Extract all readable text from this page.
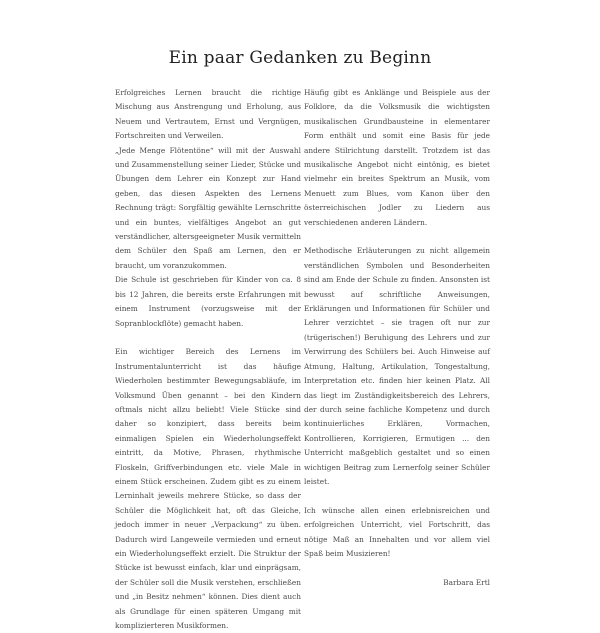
Ein paar Gedanken zu Beginn

Erfolgreiches Lernen braucht die richtige Mischung aus Anstrengung und Erholung, aus Neuem und Vertrautem, Ernst und Vergnügen, Fortschreiten und Verweilen.

„Jede Menge Flötentöne“ will mit der Auswahl und Zusammenstellung seiner Lieder, Stücke und Übungen dem Lehrer ein Konzept zur Hand geben, das diesen Aspekten des Lernens Rechnung trägt: Sorgfältig gewählte Lernschritte und ein buntes, vielfältiges Angebot an gut verständlicher, altersgeeigneter Musik vermitteln dem Schüler den Spaß am Lernen, den er braucht, um voranzukommen.

Die Schule ist geschrieben für Kinder von ca. 8 bis 12 Jahren, die bereits erste Erfahrungen mit einem Instrument (vorzugsweise mit der Sopranblockflöte) gemacht haben.

Ein wichtiger Bereich des Lernens im Instrumentalunterricht ist das häufige Wiederholen bestimmter Bewegungsabläufe, im Volksmund Üben genannt – bei den Kindern oftmals nicht allzu beliebt! Viele Stücke sind daher so konzipiert, dass bereits beim einmaligen Spielen ein Wiederholungseffekt eintritt, da Motive, Phrasen, rhythmische Floskeln, Griffverbindungen etc. viele Male in einem Stück erscheinen. Zudem gibt es zu einem Lerninhalt jeweils mehrere Stücke, so dass der Schüler die Möglichkeit hat, oft das Gleiche, jedoch immer in neuer „Verpackung“ zu üben. Dadurch wird Langeweile vermieden und erneut ein Wiederholungseffekt erzielt. Die Struktur der Stücke ist bewusst einfach, klar und einprägsam, der Schüler soll die Musik verstehen, erschließen und „in Besitz nehmen“ können. Dies dient auch als Grundlage für einen späteren Umgang mit komplizierteren Musikformen.

Häufig gibt es Anklänge und Beispiele aus der Folklore, da die Volksmusik die wichtigsten musikalischen Grundbausteine in elementarer Form enthält und somit eine Basis für jede andere Stilrichtung darstellt. Trotzdem ist das musikalische Angebot nicht eintönig, es bietet vielmehr ein breites Spektrum an Musik, vom Menuett zum Blues, vom Kanon über den österreichischen Jodler zu Liedern aus verschiedenen anderen Ländern.

Methodische Erläuterungen zu nicht allgemein verständlichen Symbolen und Besonderheiten sind am Ende der Schule zu finden. Ansonsten ist bewusst auf schriftliche Anweisungen, Erklärungen und Informationen für Schüler und Lehrer verzichtet – sie tragen oft nur zur (trügerischen!) Beruhigung des Lehrers und zur Verwirrung des Schülers bei. Auch Hinweise auf Atmung, Haltung, Artikulation, Tongestaltung, Interpretation etc. finden hier keinen Platz. All das liegt im Zuständigkeitsbereich des Lehrers, der durch seine fachliche Kompetenz und durch kontinuierliches Erklären, Vormachen, Kontrollieren, Korrigieren, Ermutigen ... den Unterricht maßgeblich gestaltet und so einen wichtigen Beitrag zum Lernerfolg seiner Schüler leistet.

Ich wünsche allen einen erlebnisreichen und erfolgreichen Unterricht, viel Fortschritt, das nötige Maß an Innehalten und vor allem viel Spaß beim Musizieren!

Barbara Ertl
